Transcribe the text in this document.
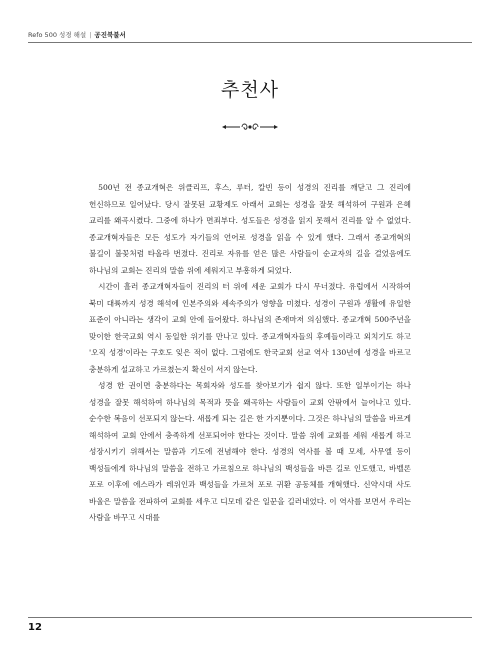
Refo 500 성경 해설 | 공진북불서
추천사

500년 전 종교개혁은 위클리프, 후스, 루터, 칼빈 등이 성경의 진리를 깨닫고 그 진리에 헌신하므로 일어났다. 당시 잘못된 교황제도 아래서 교회는 성경을 잘못 해석하여 구원과 은혜 교리를 왜곡시켰다. 그중에 하나가 면죄부다. 성도들은 성경을 읽지 못해서 진리를 알 수 없었다. 종교개혁자들은 모든 성도가 자기들의 언어로 성경을 읽을 수 있게 했다. 그래서 종교개혁의 불길이 불꽃처럼 타올라 번졌다. 진리로 자유를 얻은 많은 사람들이 순교자의 길을 걸었음에도 하나님의 교회는 진리의 말씀 위에 세워지고 부흥하게 되었다.

시간이 흘러 종교개혁자들이 진리의 터 위에 세운 교회가 다시 무너졌다. 유럽에서 시작하여 북미 대륙까지 성경 해석에 인본주의와 세속주의가 영향을 미쳤다. 성경이 구원과 생활에 유일한 표준이 아니라는 생각이 교회 안에 들어왔다. 하나님의 존재마저 의심했다. 종교개혁 500주년을 맞이한 한국교회 역시 동일한 위기를 만나고 있다. 종교개혁자들의 후예들이라고 외치기도 하고 '오직 성경'이라는 구호도 잊은 적이 없다. 그럼에도 한국교회 선교 역사 130년에 성경을 바르고 충분하게 설교하고 가르쳤는지 확신이 서지 않는다.

성경 한 권이면 충분하다는 목회자와 성도를 찾아보기가 쉽지 않다. 또한 일부이기는 하나 성경을 잘못 해석하여 하나님의 목적과 뜻을 왜곡하는 사람들이 교회 안팎에서 늘어나고 있다. 순수한 복음이 선포되지 않는다. 새롭게 되는 길은 한 가지뿐이다. 그것은 하나님의 말씀을 바르게 해석하여 교회 안에서 충족하게 선포되어야 한다는 것이다. 말씀 위에 교회를 세워 새롭게 하고 성장시키기 위해서는 말씀과 기도에 전념해야 한다. 성경의 역사를 볼 때 모세, 사무엘 등이 백성들에게 하나님의 말씀을 전하고 가르침으로 하나님의 백성들을 바른 길로 인도했고, 바벨론 포로 이후에 에스라가 레위인과 백성들을 가르쳐 포로 귀환 공동체를 개혁했다. 신약시대 사도 바울은 말씀을 전파하여 교회를 세우고 디모데 같은 일꾼을 길러내었다. 이 역사를 보면서 우리는 사람을 바꾸고 시대를

12
